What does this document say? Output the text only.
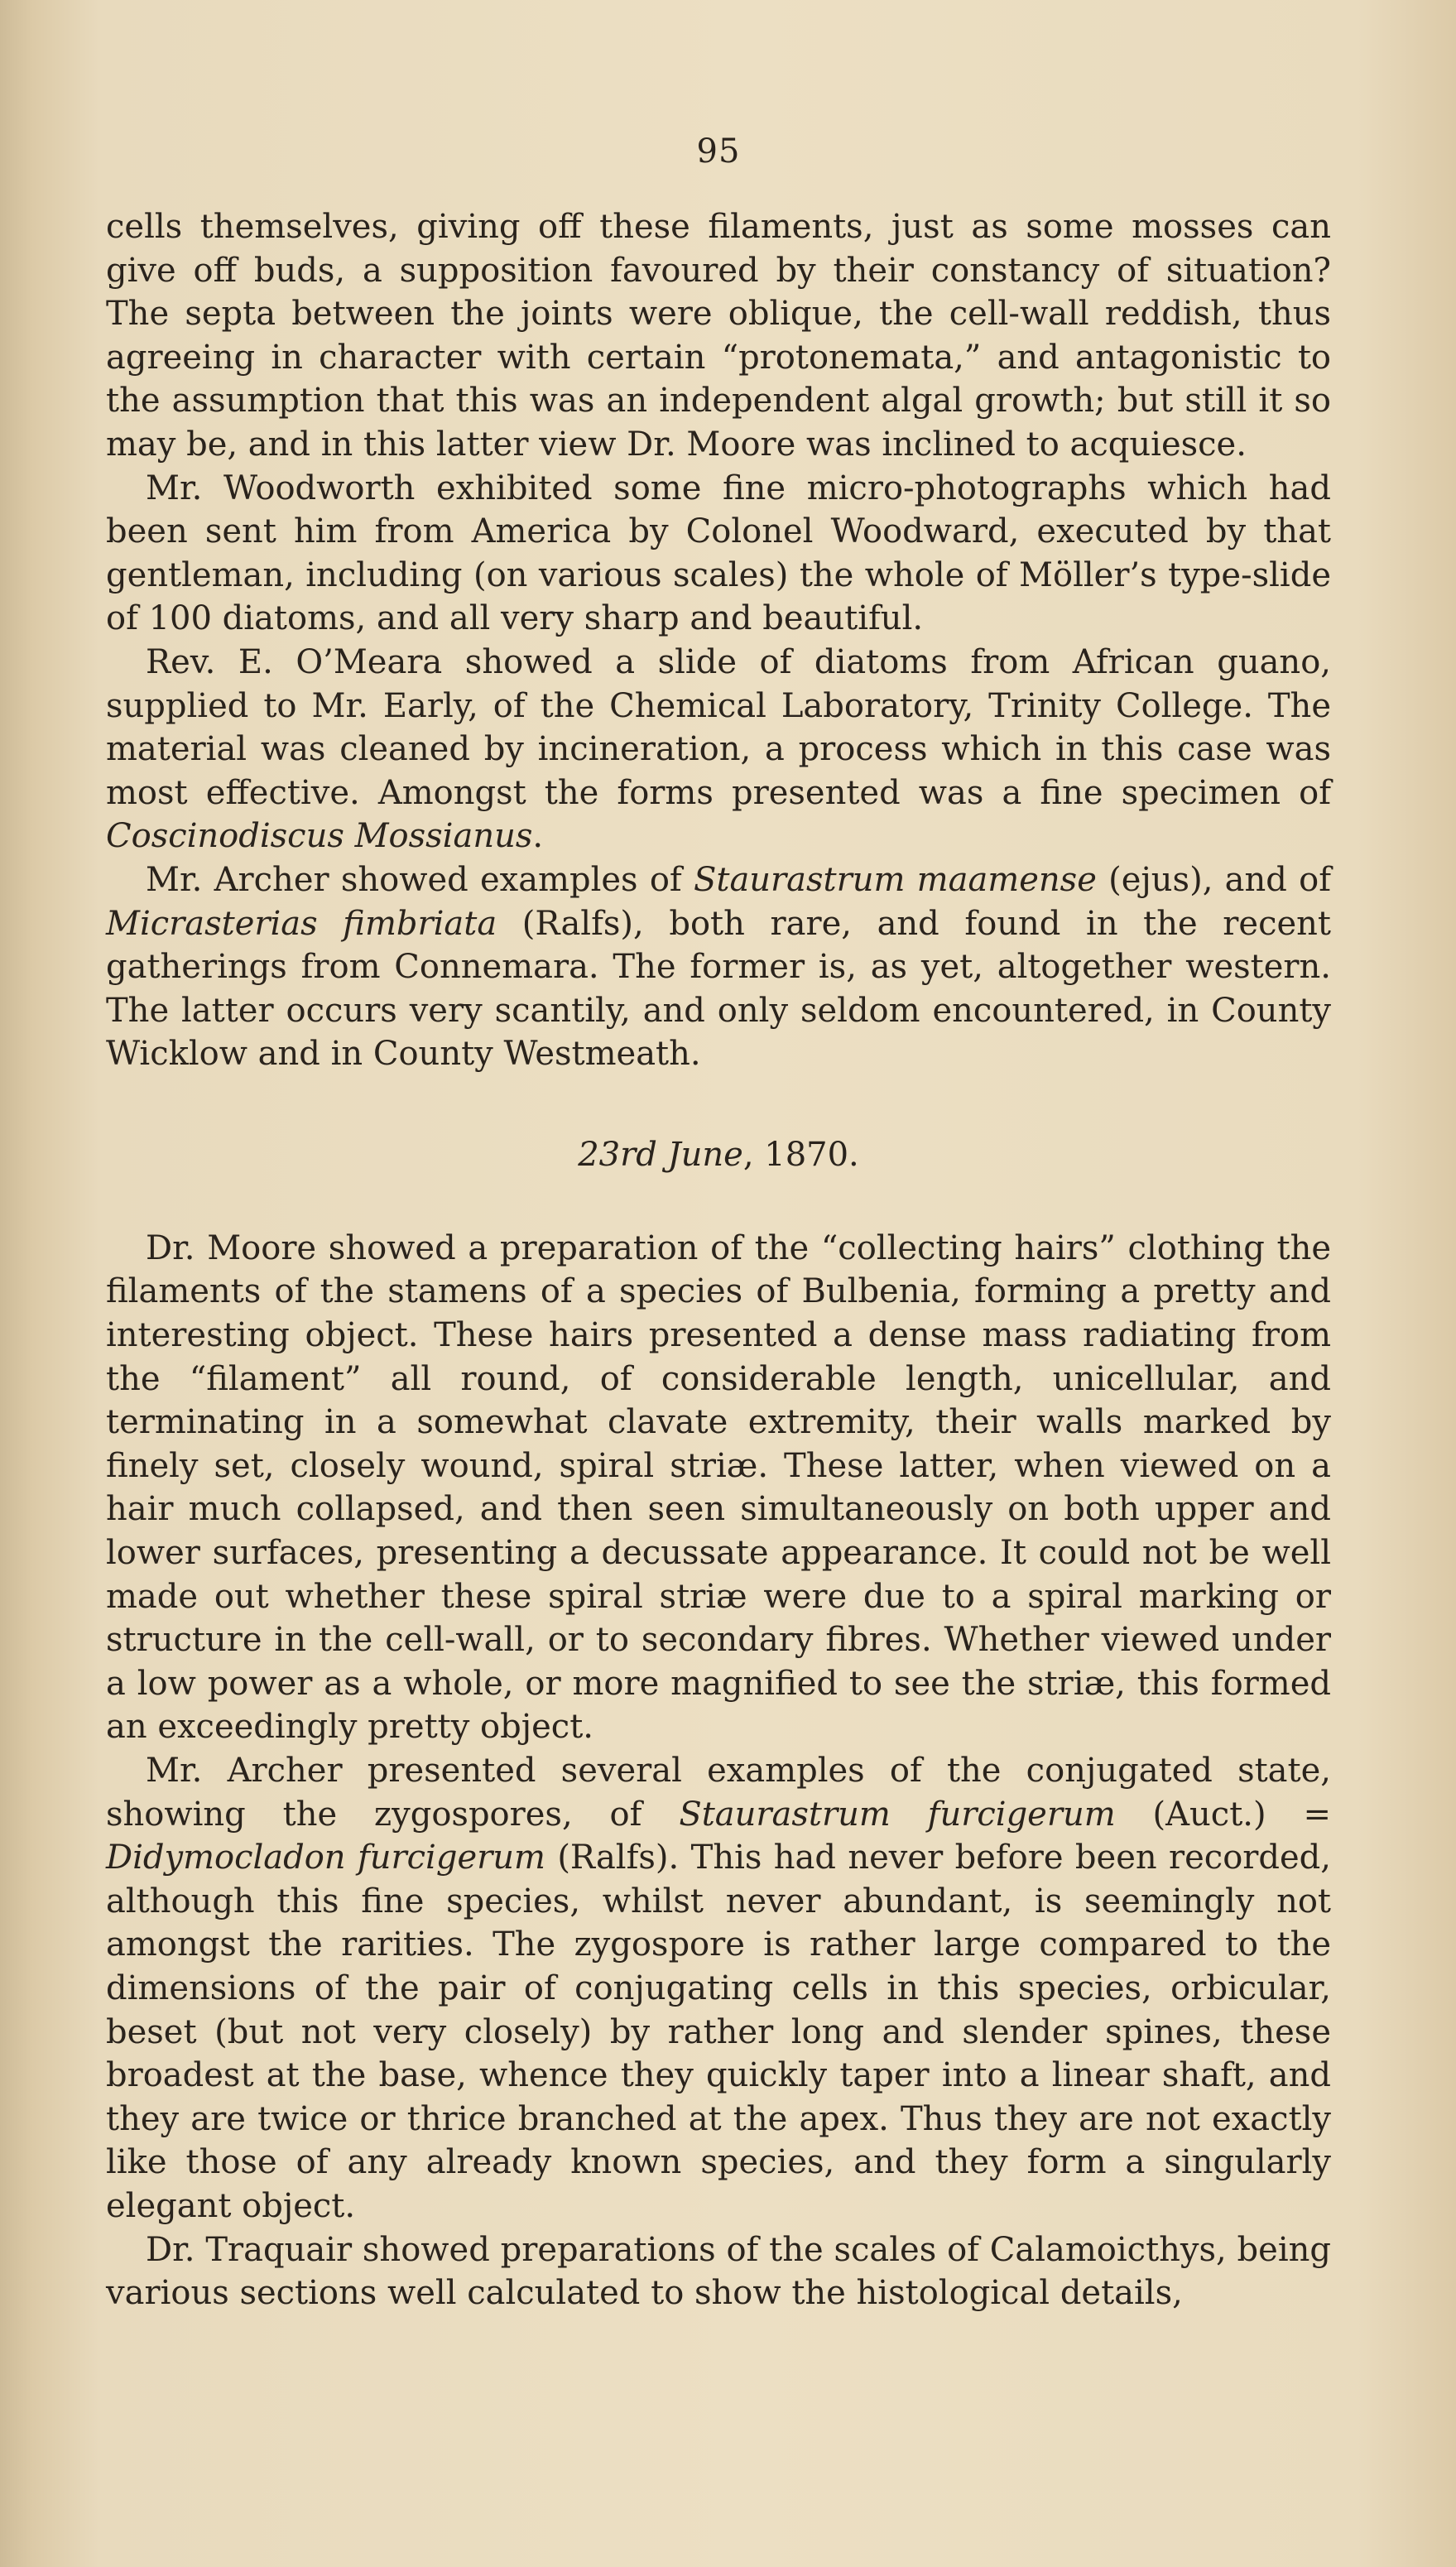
95

cells themselves, giving off these filaments, just as some mosses can give off buds, a supposition favoured by their constancy of situation? The septa between the joints were oblique, the cell-wall reddish, thus agreeing in character with certain “protonemata,” and antagonistic to the assumption that this was an independent algal growth; but still it so may be, and in this latter view Dr. Moore was inclined to acquiesce.

Mr. Woodworth exhibited some fine micro-photographs which had been sent him from America by Colonel Woodward, executed by that gentleman, including (on various scales) the whole of Möller’s type-slide of 100 diatoms, and all very sharp and beautiful.

Rev. E. O’Meara showed a slide of diatoms from African guano, supplied to Mr. Early, of the Chemical Laboratory, Trinity College. The material was cleaned by incineration, a process which in this case was most effective. Amongst the forms presented was a fine specimen of Coscinodiscus Mossianus.

Mr. Archer showed examples of Staurastrum maamense (ejus), and of Micrasterias fimbriata (Ralfs), both rare, and found in the recent gatherings from Connemara. The former is, as yet, altogether western. The latter occurs very scantily, and only seldom encountered, in County Wicklow and in County Westmeath.

23rd June, 1870.

Dr. Moore showed a preparation of the “collecting hairs” clothing the filaments of the stamens of a species of Bulbenia, forming a pretty and interesting object. These hairs presented a dense mass radiating from the “filament” all round, of considerable length, unicellular, and terminating in a somewhat clavate extremity, their walls marked by finely set, closely wound, spiral striæ. These latter, when viewed on a hair much collapsed, and then seen simultaneously on both upper and lower surfaces, presenting a decussate appearance. It could not be well made out whether these spiral striæ were due to a spiral marking or structure in the cell-wall, or to secondary fibres. Whether viewed under a low power as a whole, or more magnified to see the striæ, this formed an exceedingly pretty object.

Mr. Archer presented several examples of the conjugated state, showing the zygospores, of Staurastrum furcigerum (Auct.) = Didymocladon furcigerum (Ralfs). This had never before been recorded, although this fine species, whilst never abundant, is seemingly not amongst the rarities. The zygospore is rather large compared to the dimensions of the pair of conjugating cells in this species, orbicular, beset (but not very closely) by rather long and slender spines, these broadest at the base, whence they quickly taper into a linear shaft, and they are twice or thrice branched at the apex. Thus they are not exactly like those of any already known species, and they form a singularly elegant object.

Dr. Traquair showed preparations of the scales of Calamoicthys, being various sections well calculated to show the histological details,
